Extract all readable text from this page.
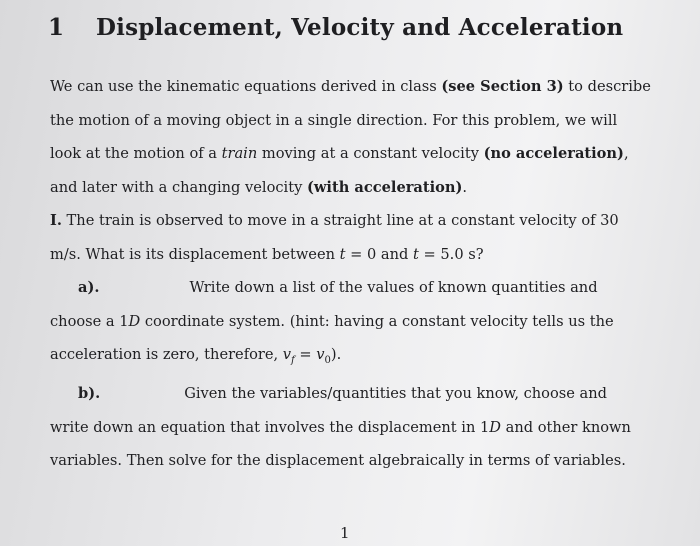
1 Displacement, Velocity and Acceleration
We can use the kinematic equations derived in class (see Section 3) to describe
the motion of a moving object in a single direction. For this problem, we will
look at the motion of a train moving at a constant velocity (no acceleration),
and later with a changing velocity (with acceleration).
I. The train is observed to move in a straight line at a constant velocity of 30
m/s. What is its displacement between t = 0 and t = 5.0 s?
a).	Write down a list of the values of known quantities and
choose a 1D coordinate system. (hint: having a constant velocity tells us the
acceleration is zero, therefore, $v_f = v_0$).
b).	Given the variables/quantities that you know, choose and
write down an equation that involves the displacement in 1D and other known
variables. Then solve for the displacement algebraically in terms of variables.
1
